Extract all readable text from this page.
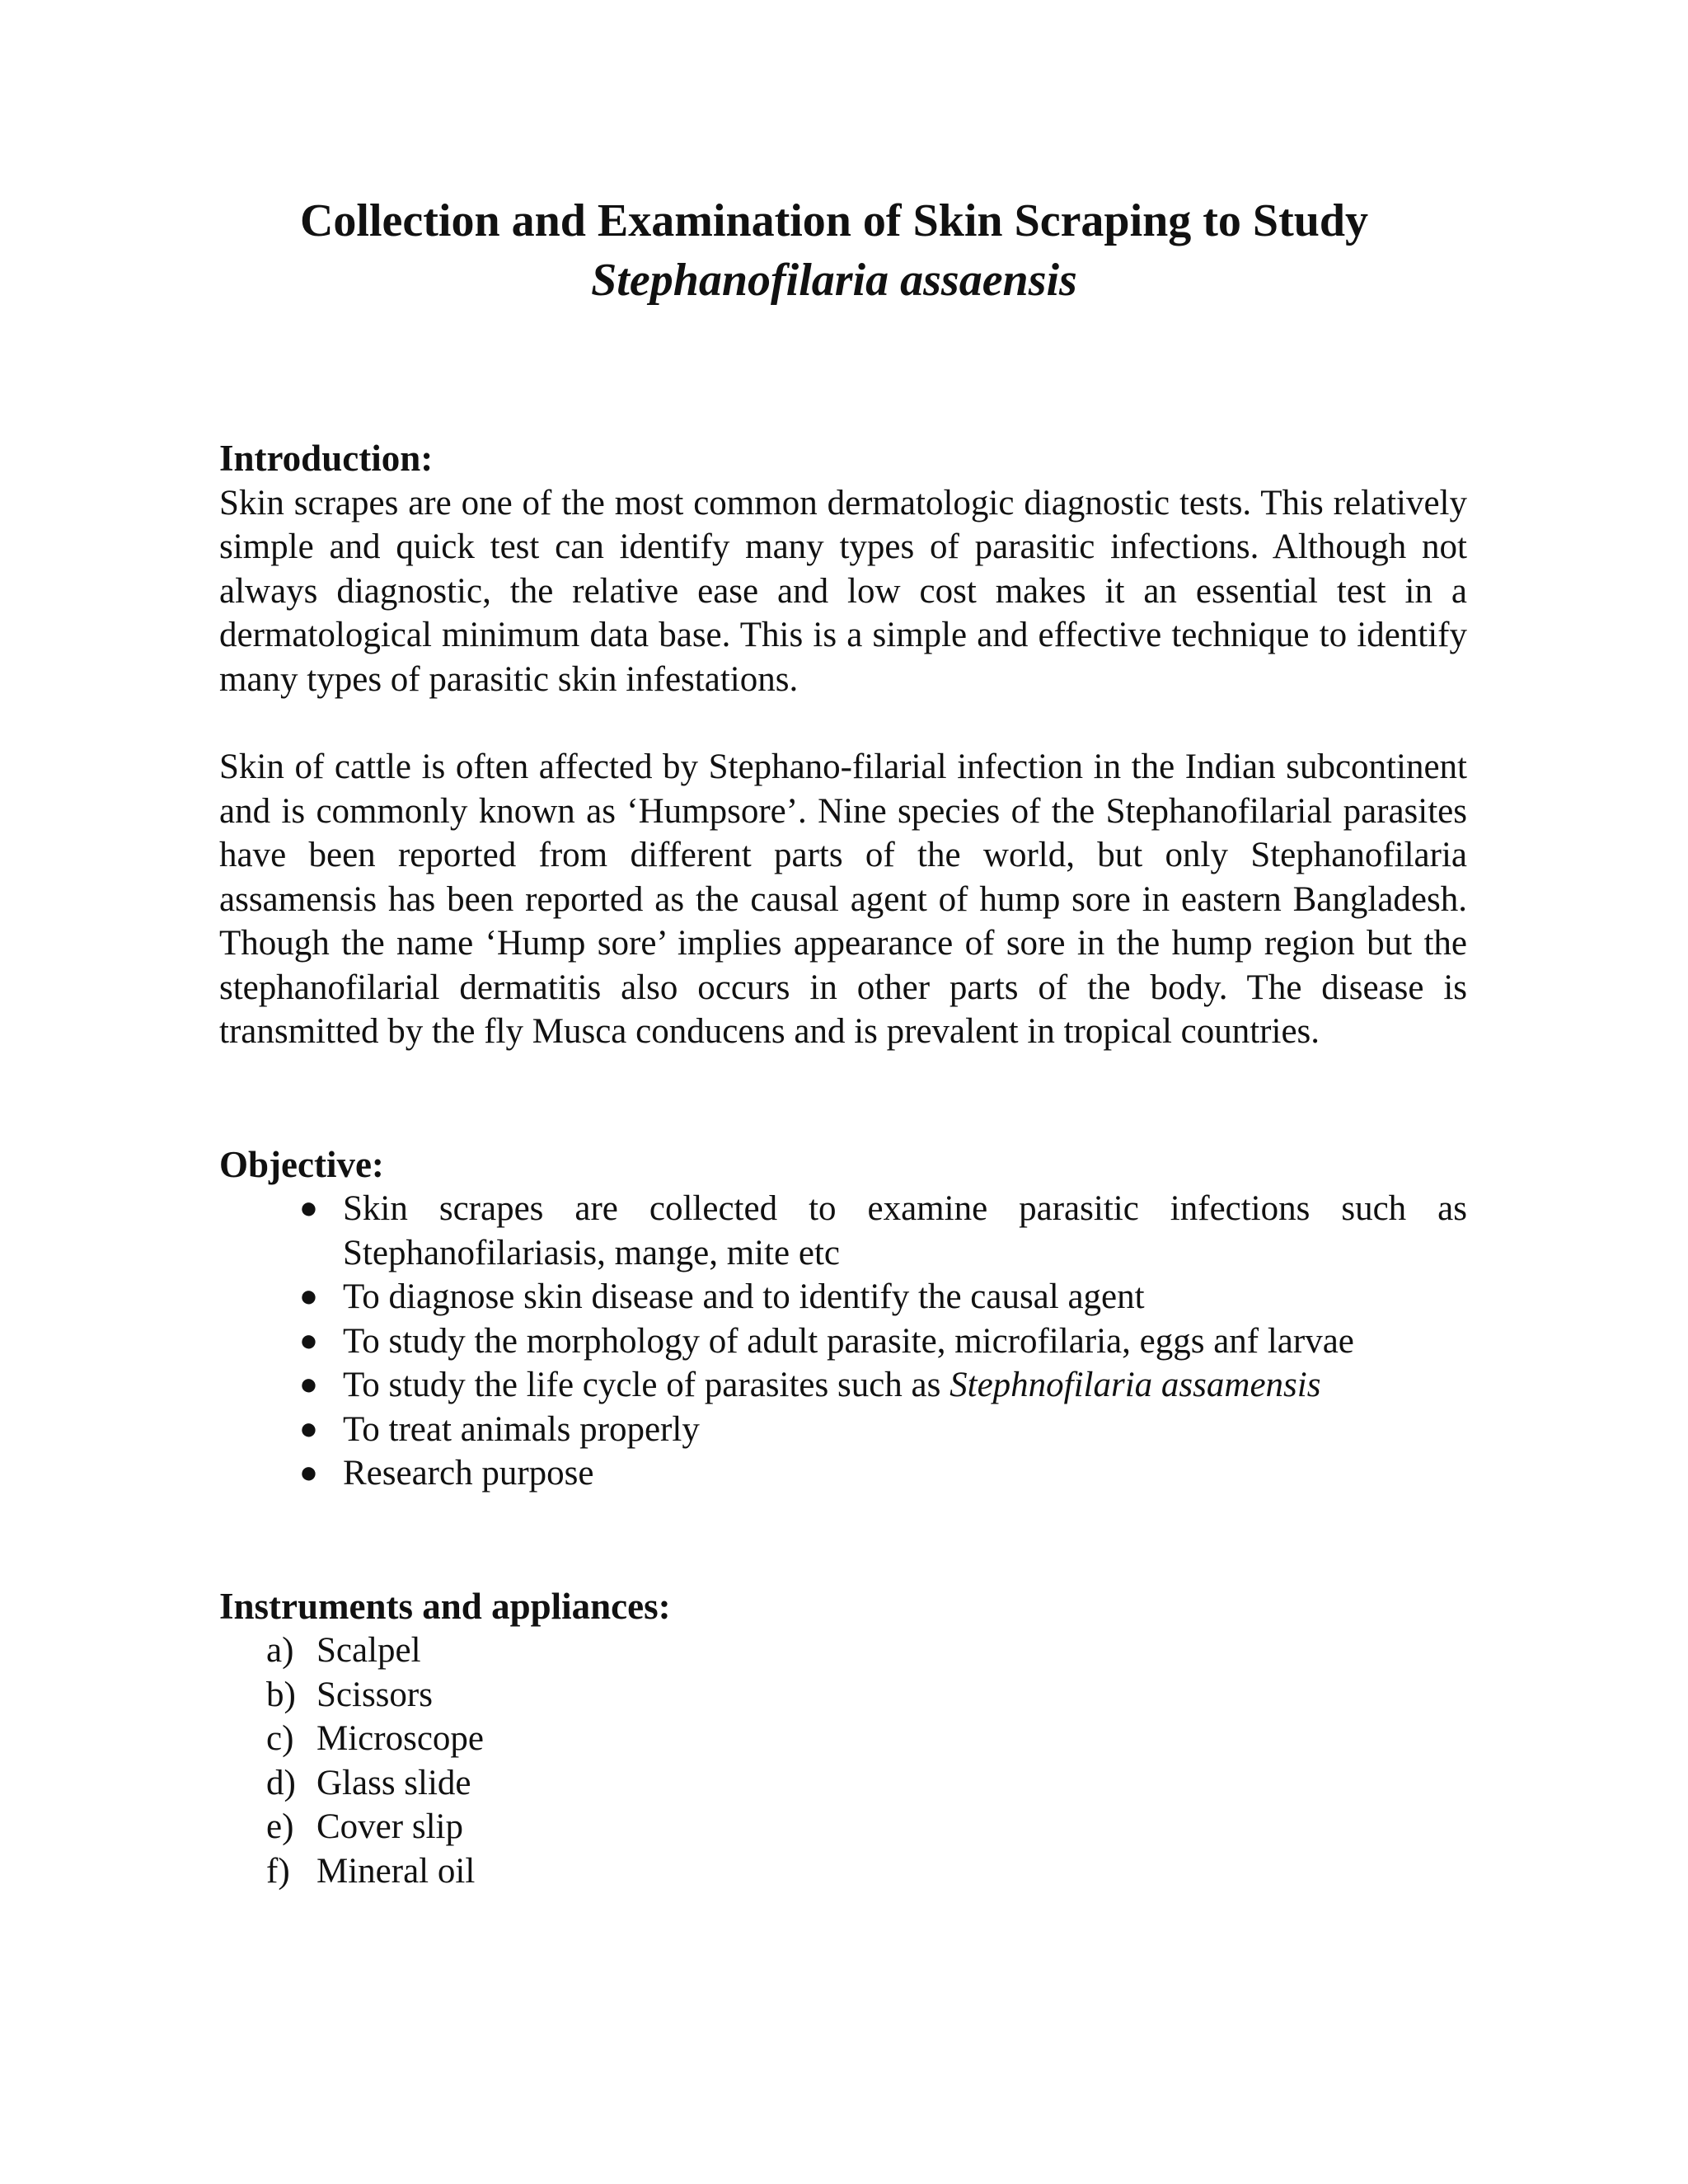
Collection and Examination of Skin Scraping to Study
Stephanofilaria assaensis
Introduction:

Skin scrapes are one of the most common dermatologic diagnostic tests. This relatively simple and quick test can identify many types of parasitic infections. Although not always diagnostic, the relative ease and low cost makes it an essential test in a dermatological minimum data base. This is a simple and effective technique to identify many types of parasitic skin infestations.

Skin of cattle is often affected by Stephano-filarial infection in the Indian subcontinent and is commonly known as ‘Humpsore’. Nine species of the Stephanofilarial parasites have been reported from different parts of the world, but only Stephanofilaria assamensis has been reported as the causal agent of hump sore in eastern Bangladesh. Though the name ‘Hump sore’ implies appearance of sore in the hump region but the stephanofilarial dermatitis also occurs in other parts of the body. The disease is transmitted by the fly Musca conducens and is prevalent in tropical countries.

Objective:
● Skin scrapes are collected to examine parasitic infections such as Stephanofilariasis, mange, mite etc
● To diagnose skin disease and to identify the causal agent
● To study the morphology of adult parasite, microfilaria, eggs anf larvae
● To study the life cycle of parasites such as Stephnofilaria assamensis
● To treat animals properly
● Research purpose
Instruments and appliances:
a) Scalpel
b) Scissors
c) Microscope
d) Glass slide
e) Cover slip
f) Mineral oil
